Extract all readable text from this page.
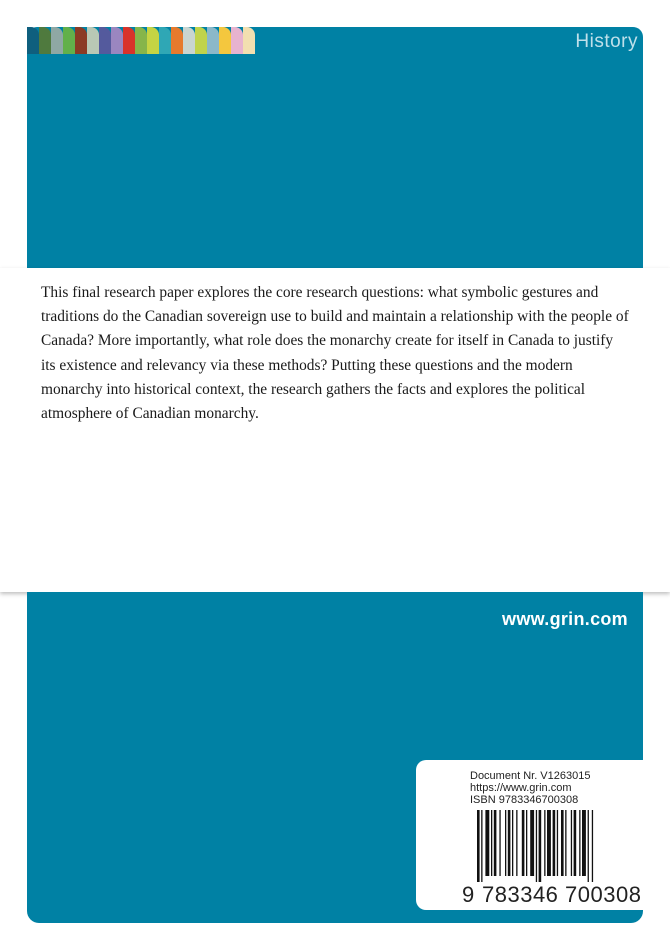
History

This final research paper explores the core research questions: what symbolic gestures and traditions do the Canadian sovereign use to build and maintain a relationship with the people of Canada? More importantly, what role does the monarchy create for itself in Canada to justify its existence and relevancy via these methods? Putting these questions and the modern monarchy into historical context, the research gathers the facts and explores the political atmosphere of Canadian monarchy.

www.grin.com
Document Nr. V1263015
https://www.grin.com
ISBN 9783346700308
9 783346 700308
